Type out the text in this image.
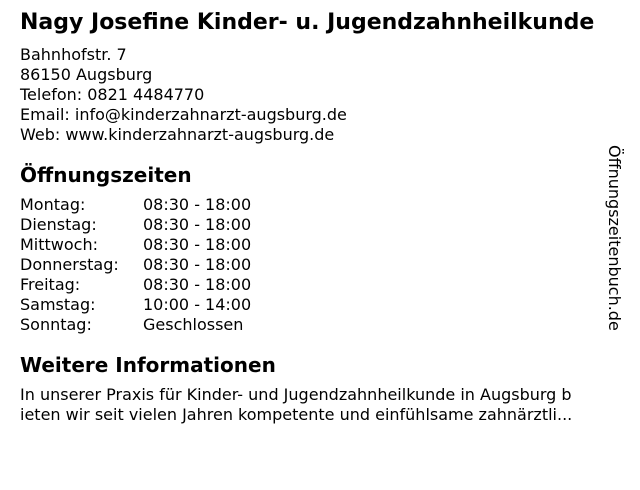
Nagy Josefine Kinder- u. Jugendzahnheilkunde
Bahnhofstr. 7
86150 Augsburg
Telefon: 0821 4484770
Email: info@kinderzahnarzt-augsburg.de
Web: www.kinderzahnarzt-augsburg.de
Öffnungszeiten
Montag:	08:30 - 18:00
Dienstag:	08:30 - 18:00
Mittwoch:	08:30 - 18:00
Donnerstag:	08:30 - 18:00
Freitag:	08:30 - 18:00
Samstag:	10:00 - 14:00
Sonntag:	Geschlossen
Weitere Informationen
In unserer Praxis für Kinder- und Jugendzahnheilkunde in Augsburg b
ieten wir seit vielen Jahren kompetente und einfühlsame zahnärztli...
Öffnungszeitenbuch.de
